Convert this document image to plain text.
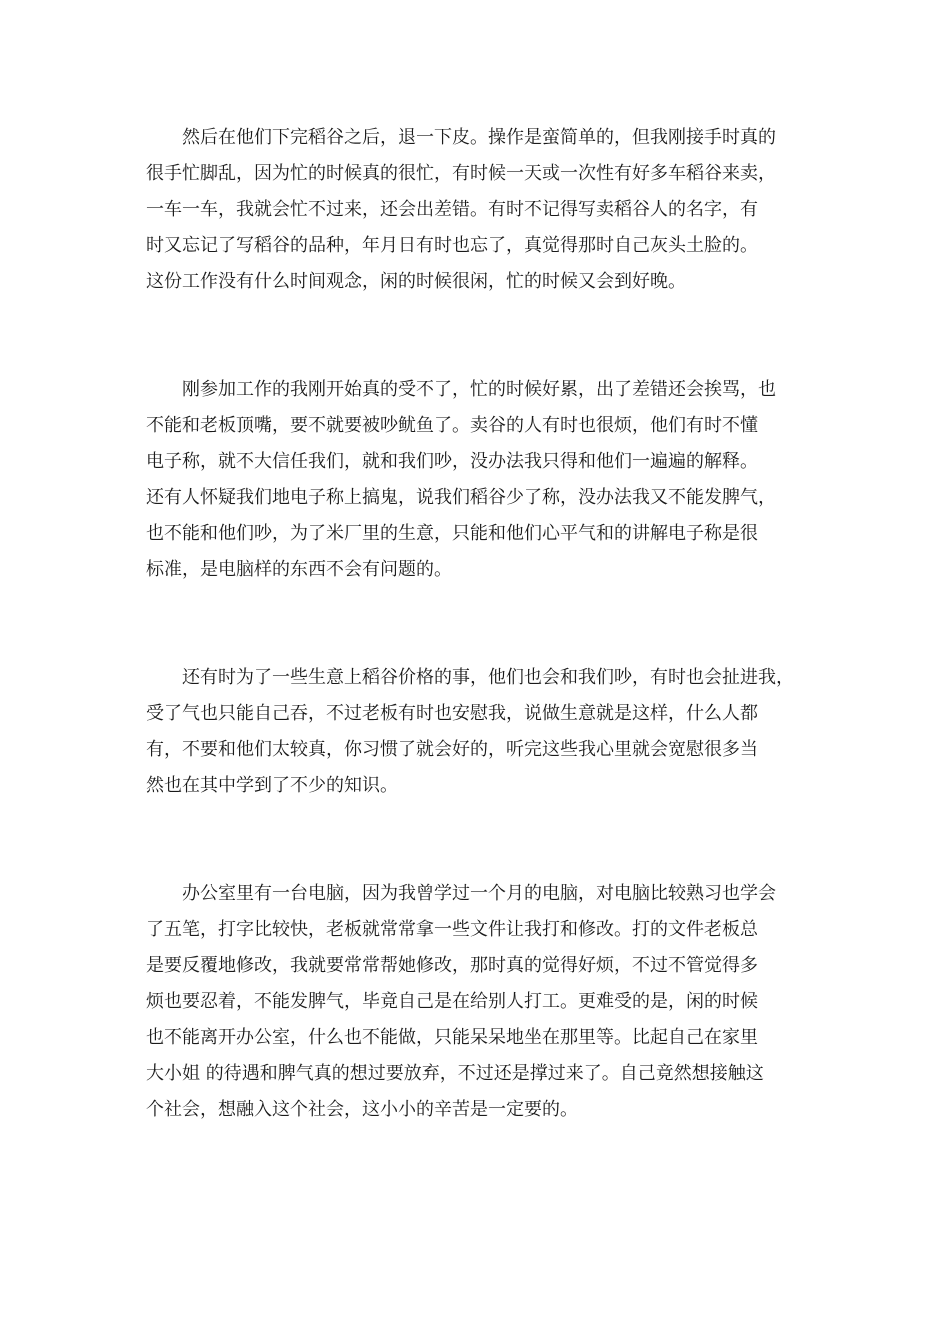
　　然后在他们下完稻谷之后，退一下皮。操作是蛮简单的，但我刚接手时真的
很手忙脚乱，因为忙的时候真的很忙，有时候一天或一次性有好多车稻谷来卖，
一车一车，我就会忙不过来，还会出差错。有时不记得写卖稻谷人的名字，有
时又忘记了写稻谷的品种，年月日有时也忘了，真觉得那时自己灰头土脸的。
这份工作没有什么时间观念，闲的时候很闲，忙的时候又会到好晚。
　　刚参加工作的我刚开始真的受不了，忙的时候好累，出了差错还会挨骂，也
不能和老板顶嘴，要不就要被吵鱿鱼了。卖谷的人有时也很烦，他们有时不懂
电子称，就不大信任我们，就和我们吵，没办法我只得和他们一遍遍的解释。
还有人怀疑我们地电子称上搞鬼，说我们稻谷少了称，没办法我又不能发脾气，
也不能和他们吵，为了米厂里的生意，只能和他们心平气和的讲解电子称是很
标准，是电脑样的东西不会有问题的。
　　还有时为了一些生意上稻谷价格的事，他们也会和我们吵，有时也会扯进我，
受了气也只能自己吞，不过老板有时也安慰我，说做生意就是这样，什么人都
有，不要和他们太较真，你习惯了就会好的，听完这些我心里就会宽慰很多当
然也在其中学到了不少的知识。
　　办公室里有一台电脑，因为我曾学过一个月的电脑，对电脑比较熟习也学会
了五笔，打字比较快，老板就常常拿一些文件让我打和修改。打的文件老板总
是要反覆地修改，我就要常常帮她修改，那时真的觉得好烦，不过不管觉得多
烦也要忍着，不能发脾气，毕竟自己是在给别人打工。更难受的是，闲的时候
也不能离开办公室，什么也不能做，只能呆呆地坐在那里等。比起自己在家里
大小姐 的待遇和脾气真的想过要放弃，不过还是撑过来了。自己竟然想接触这
个社会，想融入这个社会，这小小的辛苦是一定要的。
